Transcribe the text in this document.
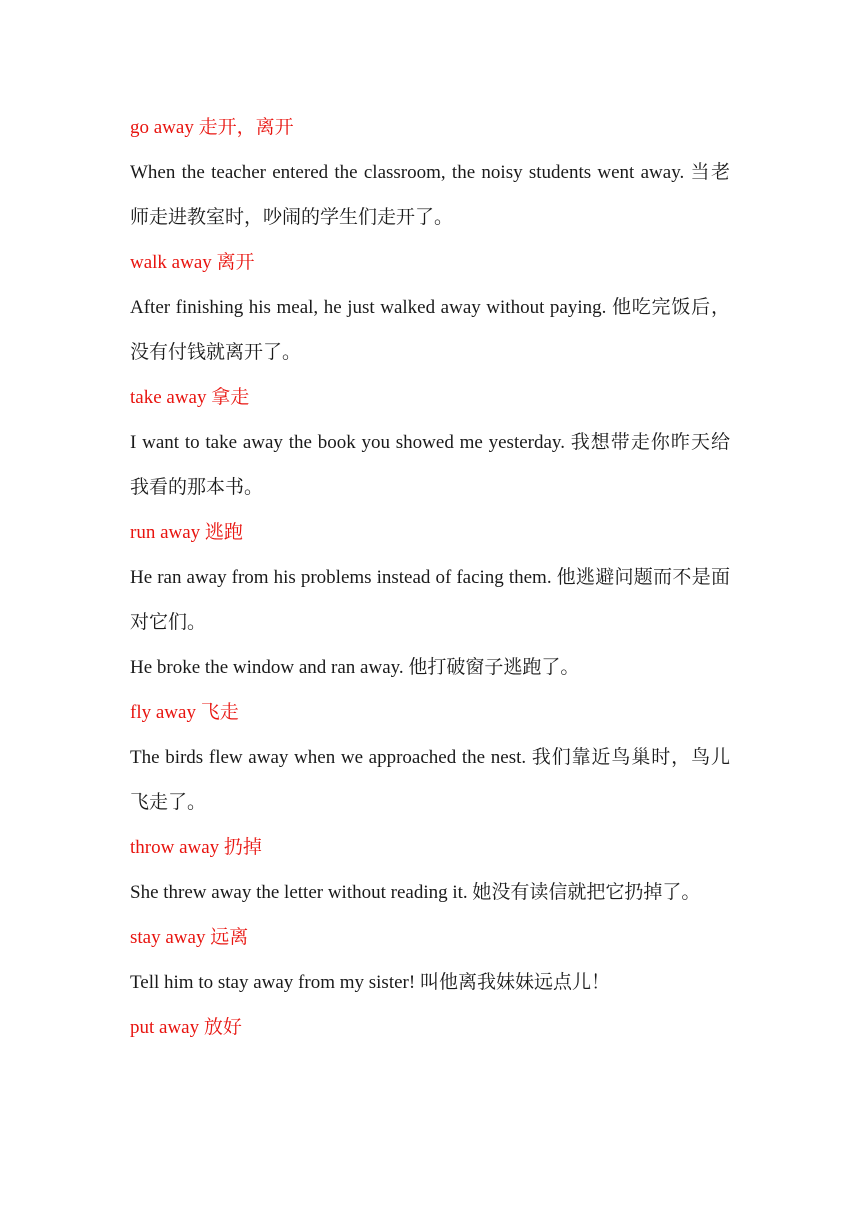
go away 走开，离开
When the teacher entered the classroom, the noisy students went away. 当老师走进教室时，吵闹的学生们走开了。
walk away 离开
After finishing his meal, he just walked away without paying. 他吃完饭后，没有付钱就离开了。
take away 拿走
I want to take away the book you showed me yesterday. 我想带走你昨天给我看的那本书。
run away 逃跑
He ran away from his problems instead of facing them. 他逃避问题而不是面对它们。
He broke the window and ran away. 他打破窗子逃跑了。
fly away 飞走
The birds flew away when we approached the nest. 我们靠近鸟巢时，鸟儿飞走了。
throw away 扔掉
She threw away the letter without reading it. 她没有读信就把它扔掉了。
stay away 远离
Tell him to stay away from my sister! 叫他离我妹妹远点儿！
put away 放好
